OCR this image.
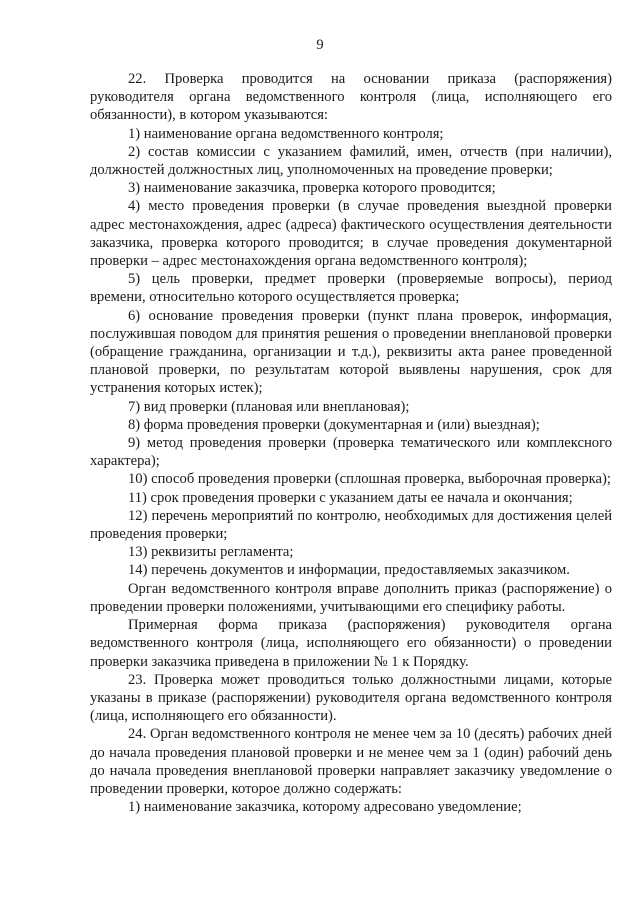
9

22. Проверка проводится на основании приказа (распоряжения) руководителя органа ведомственного контроля (лица, исполняющего его обязанности), в котором указываются:

1) наименование органа ведомственного контроля;

2) состав комиссии с указанием фамилий, имен, отчеств (при наличии), должностей должностных лиц, уполномоченных на проведение проверки;

3) наименование заказчика, проверка которого проводится;

4) место проведения проверки (в случае проведения выездной проверки адрес местонахождения, адрес (адреса) фактического осуществления деятельности заказчика, проверка которого проводится; в случае проведения документарной проверки – адрес местонахождения органа ведомственного контроля);

5) цель проверки, предмет проверки (проверяемые вопросы), период времени, относительно которого осуществляется проверка;

6) основание проведения проверки (пункт плана проверок, информация, послужившая поводом для принятия решения о проведении внеплановой проверки (обращение гражданина, организации и т.д.), реквизиты акта ранее проведенной плановой проверки, по результатам которой выявлены нарушения, срок для устранения которых истек);

7) вид проверки (плановая или внеплановая);

8) форма проведения проверки (документарная и (или) выездная);

9) метод проведения проверки (проверка тематического или комплексного характера);

10) способ проведения проверки (сплошная проверка, выборочная проверка);

11) срок проведения проверки с указанием даты ее начала и окончания;

12) перечень мероприятий по контролю, необходимых для достижения целей проведения проверки;

13) реквизиты регламента;

14) перечень документов и информации, предоставляемых заказчиком.

Орган ведомственного контроля вправе дополнить приказ (распоряжение) о проведении проверки положениями, учитывающими его специфику работы.

Примерная форма приказа (распоряжения) руководителя органа ведомственного контроля (лица, исполняющего его обязанности) о проведении проверки заказчика приведена в приложении № 1 к Порядку.

23. Проверка может проводиться только должностными лицами, которые указаны в приказе (распоряжении) руководителя органа ведомственного контроля (лица, исполняющего его обязанности).

24. Орган ведомственного контроля не менее чем за 10 (десять) рабочих дней до начала проведения плановой проверки и не менее чем за 1 (один) рабочий день до начала проведения внеплановой проверки направляет заказчику уведомление о проведении проверки, которое должно содержать:

1) наименование заказчика, которому адресовано уведомление;
